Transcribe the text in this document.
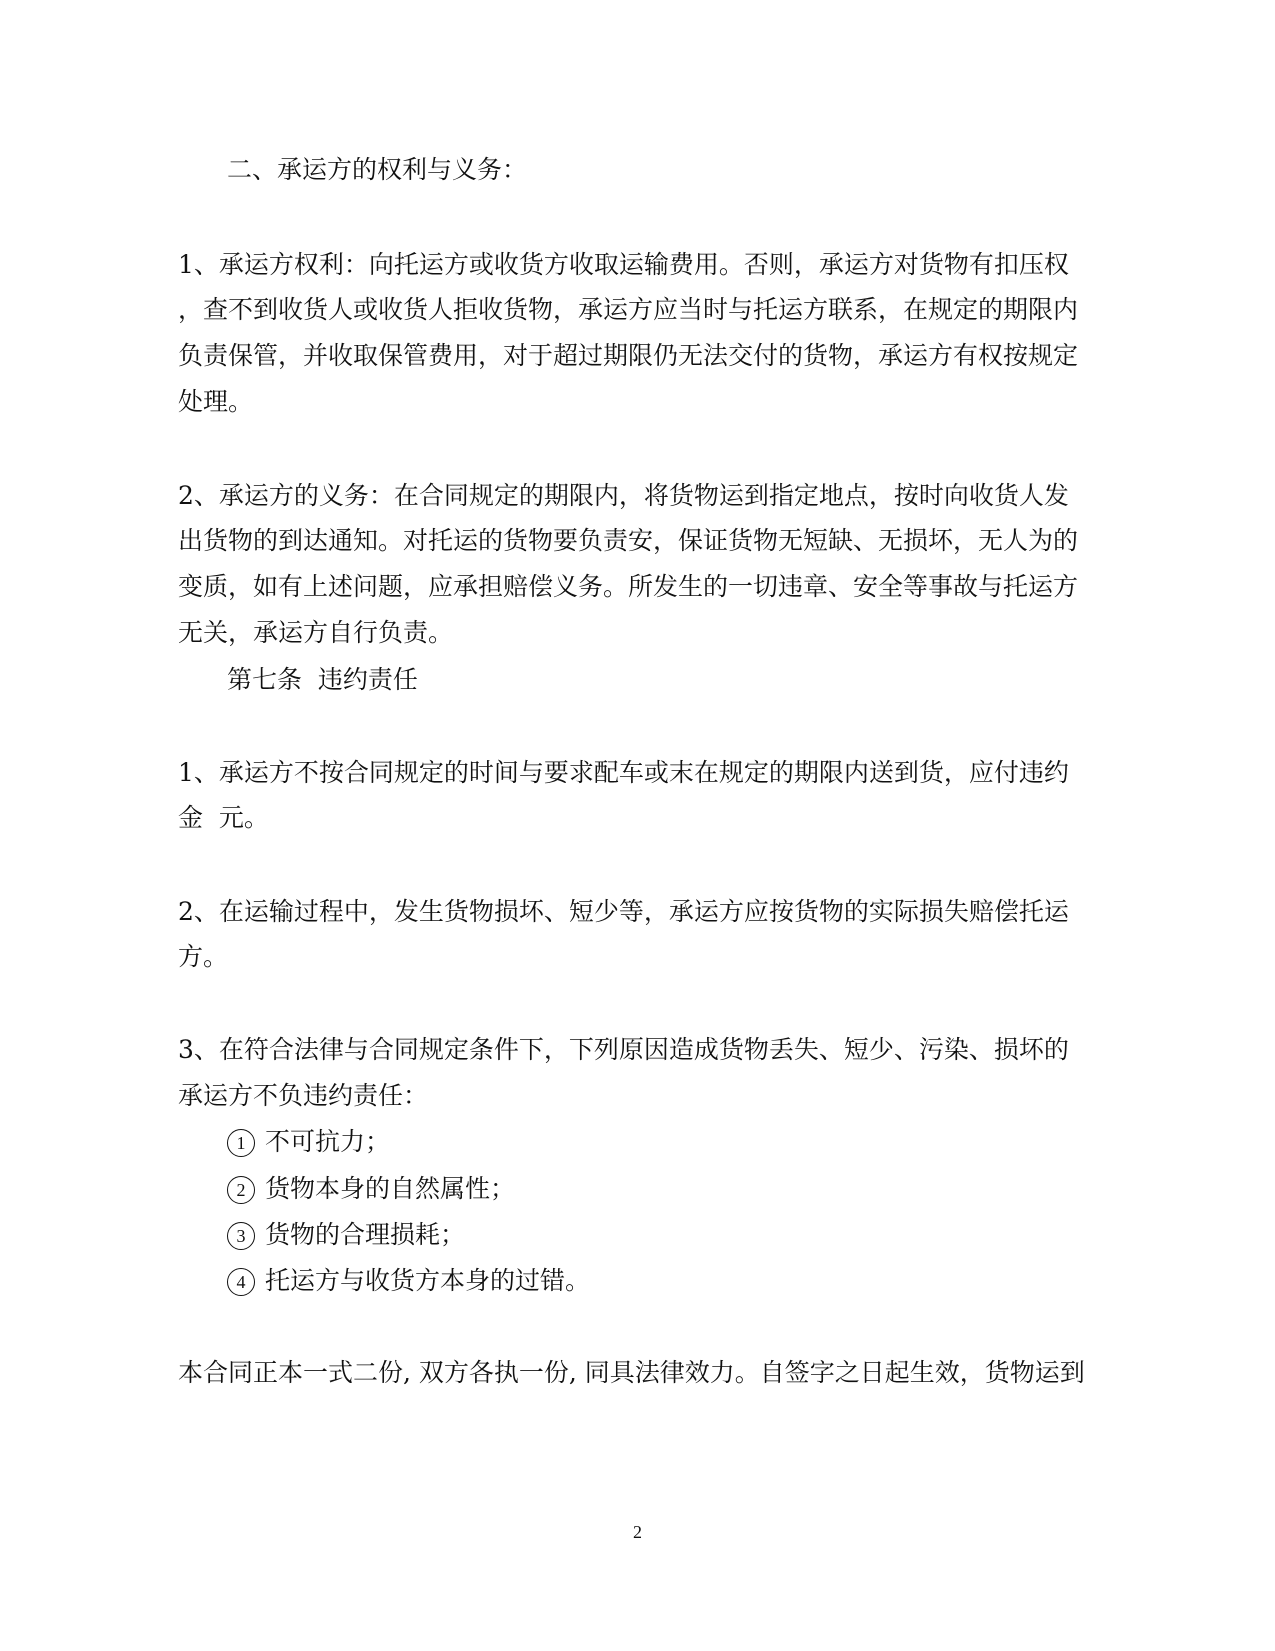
二、承运方的权利与义务：
1、承运方权利：向托运方或收货方收取运输费用。否则，承运方对货物有扣压权
，查不到收货人或收货人拒收货物，承运方应当时与托运方联系，在规定的期限内
负责保管，并收取保管费用，对于超过期限仍无法交付的货物，承运方有权按规定
处理。
2、承运方的义务：在合同规定的期限内，将货物运到指定地点，按时向收货人发
出货物的到达通知。对托运的货物要负责安，保证货物无短缺、无损坏，无人为的
变质，如有上述问题，应承担赔偿义务。所发生的一切违章、安全等事故与托运方
无关，承运方自行负责。
第七条  违约责任
1、承运方不按合同规定的时间与要求配车或末在规定的期限内送到货，应付违约
金  元。
2、在运输过程中，发生货物损坏、短少等，承运方应按货物的实际损失赔偿托运
方。
3、在符合法律与合同规定条件下，下列原因造成货物丢失、短少、污染、损坏的
承运方不负违约责任：
1 不可抗力；
2 货物本身的自然属性；
3 货物的合理损耗；
4 托运方与收货方本身的过错。
本合同正本一式二份, 双方各执一份, 同具法律效力。自签字之日起生效，货物运到
2
